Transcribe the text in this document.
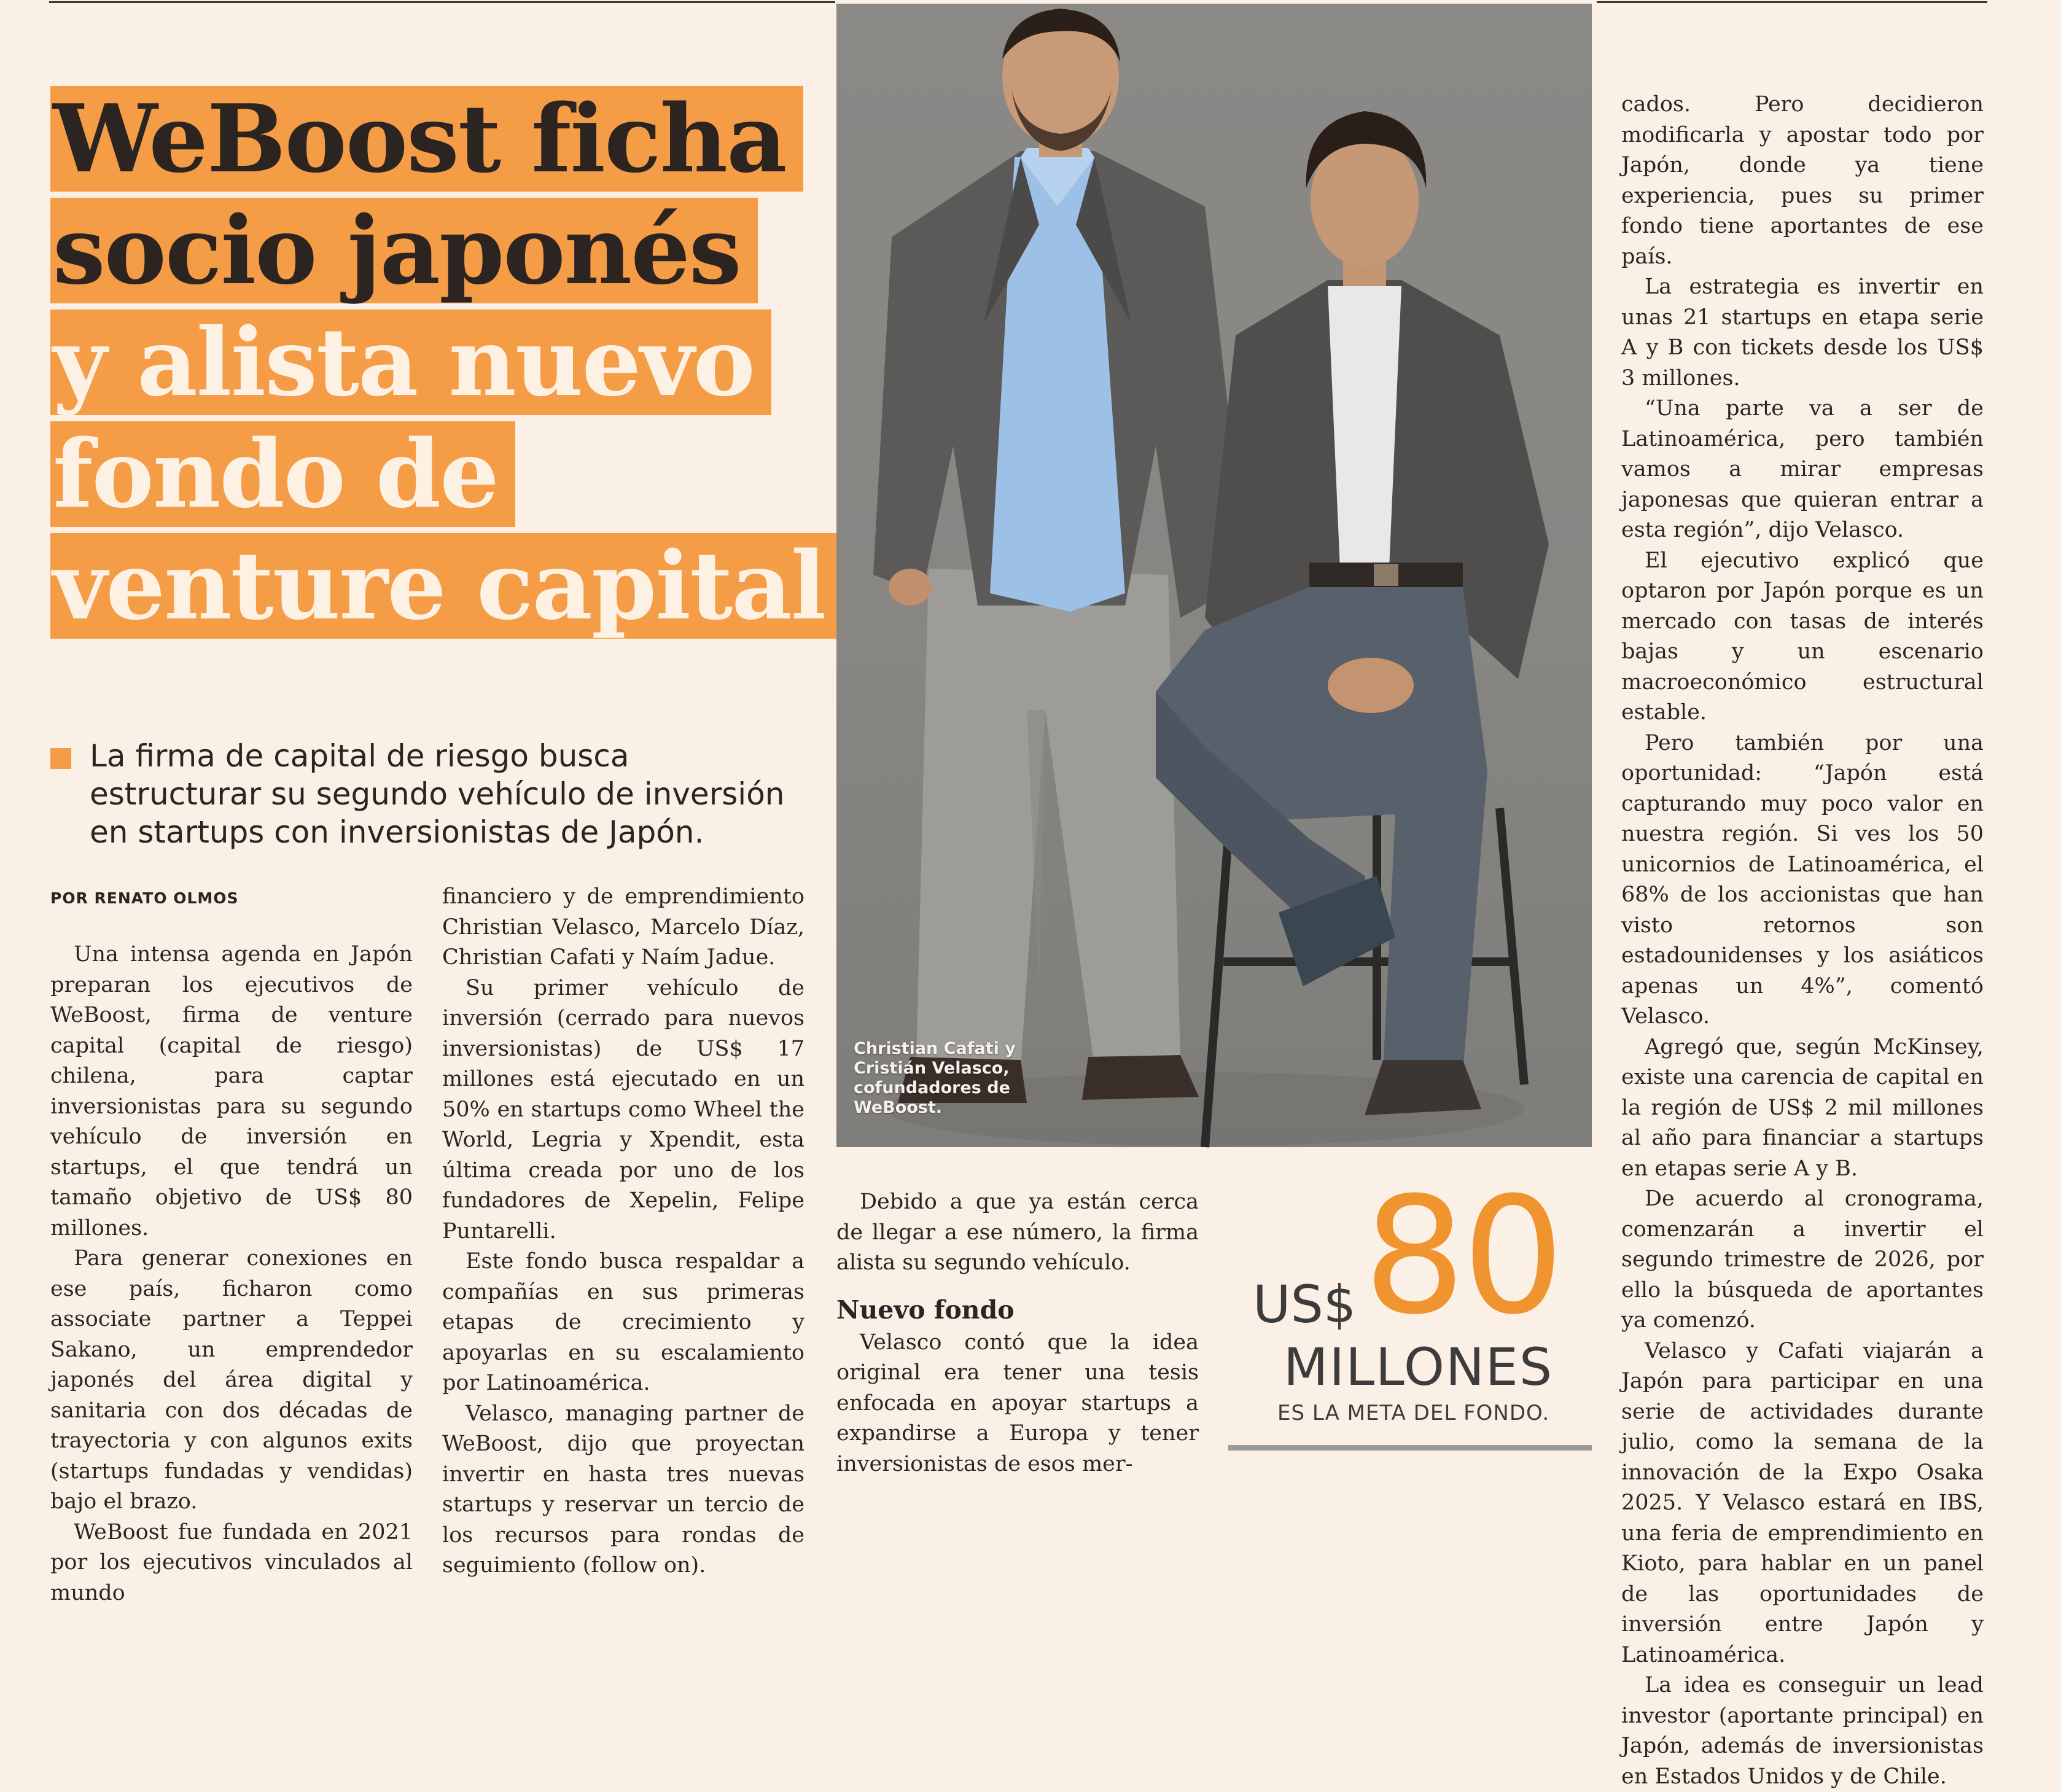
WeBoost ficha
socio japonés
y alista nuevo
fondo de
venture capital
La firma de capital de riesgo busca estructurar su segundo vehículo de inversión en startups con inversionistas de Japón.
POR RENATO OLMOS

Una intensa agenda en Japón preparan los ejecutivos de WeBoost, firma de venture capital (capital de riesgo) chilena, para captar inversionistas para su segundo vehículo de inversión en startups, el que tendrá un tamaño objetivo de US$ 80 millones.

Para generar conexiones en ese país, ficharon como associate partner a Teppei Sakano, un emprendedor japonés del área digital y sanitaria con dos décadas de trayectoria y con algunos exits (startups fundadas y vendidas) bajo el brazo.

WeBoost fue fundada en 2021 por los ejecutivos vinculados al mundo

financiero y de emprendimiento Christian Velasco, Marcelo Díaz, Christian Cafati y Naím Jadue.

Su primer vehículo de inversión (cerrado para nuevos inversionistas) de US$ 17 millones está ejecutado en un 50% en startups como Wheel the World, Legria y Xpendit, esta última creada por uno de los fundadores de Xepelin, Felipe Puntarelli.

Este fondo busca respaldar a compañías en sus primeras etapas de crecimiento y apoyarlas en su escalamiento por Latinoamérica.

Velasco, managing partner de WeBoost, dijo que proyectan invertir en hasta tres nuevas startups y reservar un tercio de los recursos para rondas de seguimiento (follow on).

Debido a que ya están cerca de llegar a ese número, la firma alista su segundo vehículo.

Nuevo fondo

Velasco contó que la idea original era tener una tesis enfocada en apoyar startups a expandirse a Europa y tener inversionistas de esos mer-

cados. Pero decidieron modificarla y apostar todo por Japón, donde ya tiene experiencia, pues su primer fondo tiene aportantes de ese país.

La estrategia es invertir en unas 21 startups en etapa serie A y B con tickets desde los US$ 3 millones.

“Una parte va a ser de Latinoamérica, pero también vamos a mirar empresas japonesas que quieran entrar a esta región”, dijo Velasco.

El ejecutivo explicó que optaron por Japón porque es un mercado con tasas de interés bajas y un escenario macroeconómico estructural estable.

Pero también por una oportunidad: “Japón está capturando muy poco valor en nuestra región. Si ves los 50 unicornios de Latinoamérica, el 68% de los accionistas que han visto retornos son estadounidenses y los asiáticos apenas un 4%”, comentó Velasco.

Agregó que, según McKinsey, existe una carencia de capital en la región de US$ 2 mil millones al año para financiar a startups en etapas serie A y B.

De acuerdo al cronograma, comenzarán a invertir el segundo trimestre de 2026, por ello la búsqueda de aportantes ya comenzó.

Velasco y Cafati viajarán a Japón para participar en una serie de actividades durante julio, como la semana de la innovación de la Expo Osaka 2025. Y Velasco estará en IBS, una feria de emprendimiento en Kioto, para hablar en un panel de las oportunidades de inversión entre Japón y Latinoamérica.

La idea es conseguir un lead investor (aportante principal) en Japón, además de inversionistas en Estados Unidos y de Chile.

Christian Cafati y
Cristián Velasco,
cofundadores de
WeBoost.
US$ 80
MILLONES
ES LA META DEL FONDO.
